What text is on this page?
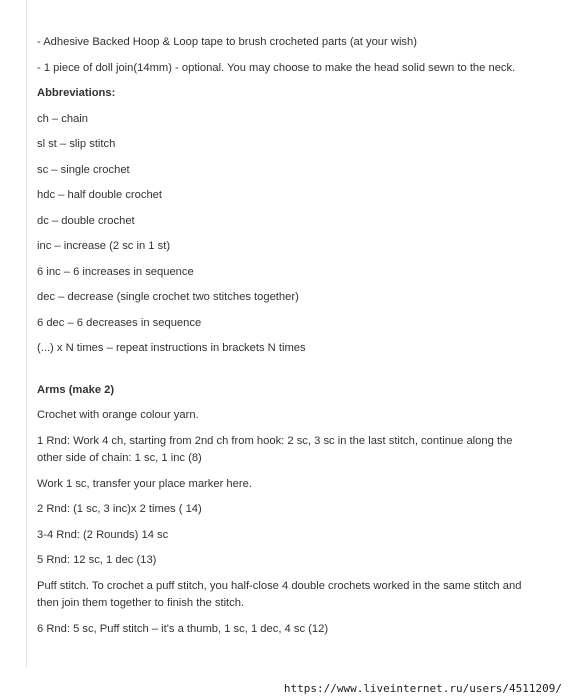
- Adhesive Backed Hoop & Loop tape to brush crocheted parts (at your wish)

- 1 piece of doll join(14mm) - optional. You may choose to make the head solid sewn to the neck.

Abbreviations:

ch – chain

sl st – slip stitch

sc – single crochet

hdc – half double crochet

dc – double crochet

inc – increase (2 sc in 1 st)

6 inc – 6 increases in sequence

dec – decrease (single crochet two stitches together)

6 dec – 6 decreases in sequence

(...) x N times – repeat instructions in brackets N times

Arms (make 2)

Crochet with orange colour yarn.

1 Rnd: Work 4 ch, starting from 2nd ch from hook: 2 sc, 3 sc in the last stitch, continue along the other side of chain: 1 sc, 1 inc (8)

Work 1 sc, transfer your place marker here.

2 Rnd: (1 sc, 3 inc)x 2 times ( 14)

3-4 Rnd: (2 Rounds) 14 sc

5 Rnd: 12 sc, 1 dec (13)

Puff stitch. To crochet a puff stitch, you half-close 4 double crochets worked in the same stitch and then join them together to finish the stitch.

6 Rnd: 5 sc, Puff stitch – it's a thumb, 1 sc, 1 dec, 4 sc (12)

https://www.liveinternet.ru/users/4511209/
